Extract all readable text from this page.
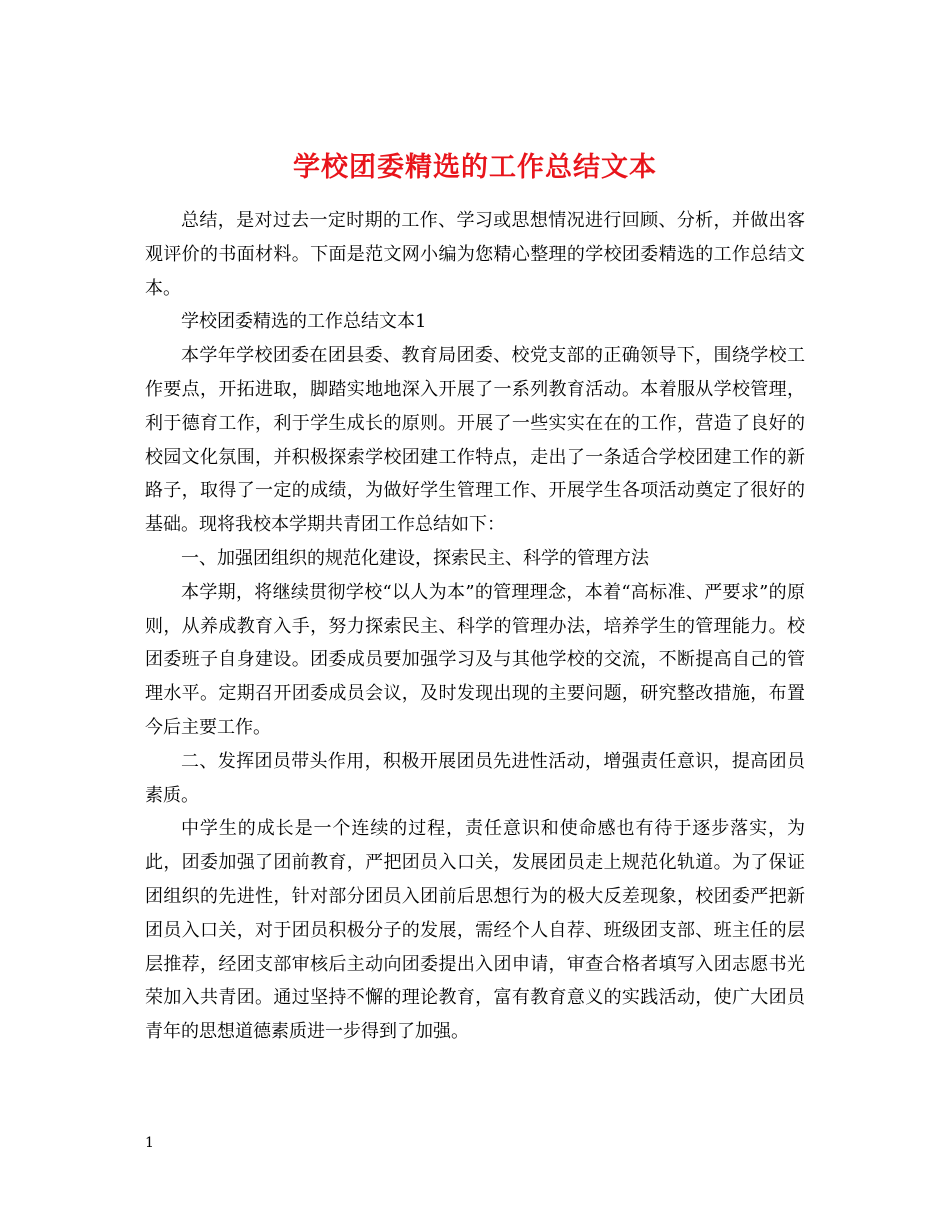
学校团委精选的工作总结文本

总结，是对过去一定时期的工作、学习或思想情况进行回顾、分析，并做出客观评价的书面材料。下面是范文网小编为您精心整理的学校团委精选的工作总结文本。

学校团委精选的工作总结文本1

本学年学校团委在团县委、教育局团委、校党支部的正确领导下，围绕学校工作要点，开拓进取，脚踏实地地深入开展了一系列教育活动。本着服从学校管理，利于德育工作，利于学生成长的原则。开展了一些实实在在的工作，营造了良好的校园文化氛围，并积极探索学校团建工作特点，走出了一条适合学校团建工作的新路子，取得了一定的成绩，为做好学生管理工作、开展学生各项活动奠定了很好的基础。现将我校本学期共青团工作总结如下：

一、加强团组织的规范化建设，探索民主、科学的管理方法

本学期，将继续贯彻学校“以人为本”的管理理念，本着“高标准、严要求”的原则，从养成教育入手，努力探索民主、科学的管理办法，培养学生的管理能力。校团委班子自身建设。团委成员要加强学习及与其他学校的交流，不断提高自己的管理水平。定期召开团委成员会议，及时发现出现的主要问题，研究整改措施，布置今后主要工作。

二、发挥团员带头作用，积极开展团员先进性活动，增强责任意识，提高团员素质。

中学生的成长是一个连续的过程，责任意识和使命感也有待于逐步落实，为此，团委加强了团前教育，严把团员入口关，发展团员走上规范化轨道。为了保证团组织的先进性，针对部分团员入团前后思想行为的极大反差现象，校团委严把新团员入口关，对于团员积极分子的发展，需经个人自荐、班级团支部、班主任的层层推荐，经团支部审核后主动向团委提出入团申请，审查合格者填写入团志愿书光荣加入共青团。通过坚持不懈的理论教育，富有教育意义的实践活动，使广大团员青年的思想道德素质进一步得到了加强。

1
